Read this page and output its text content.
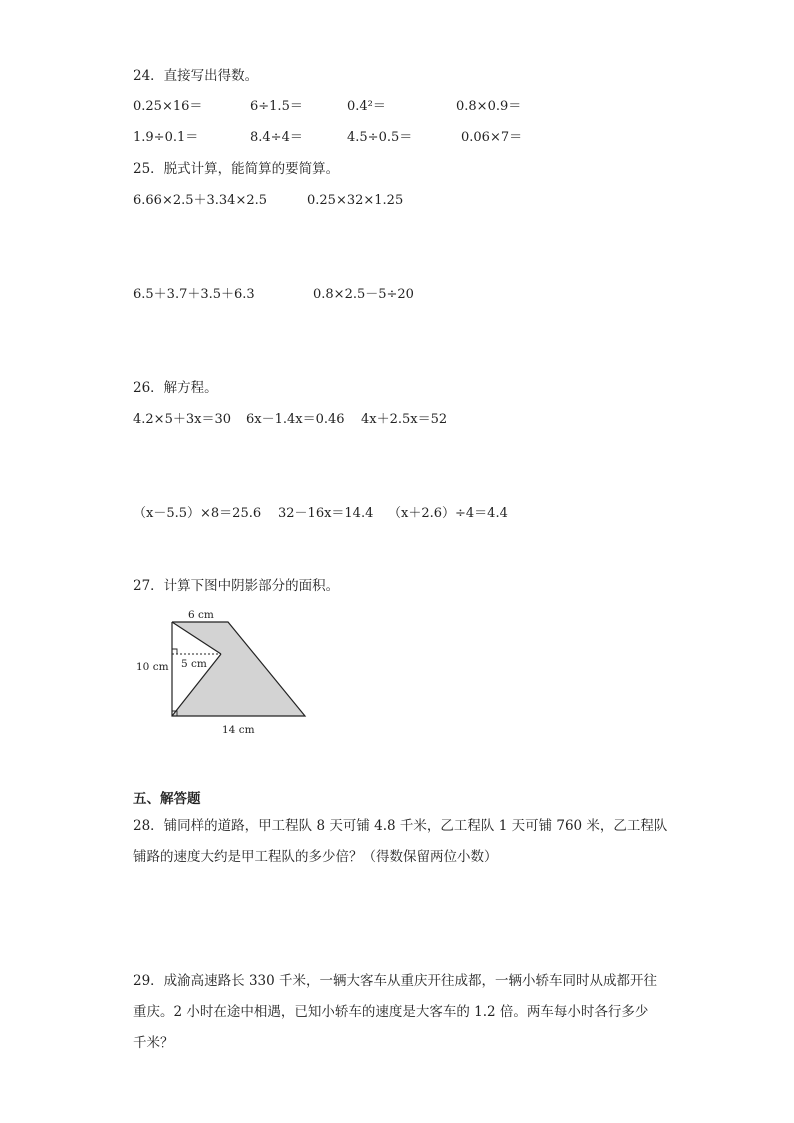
24．直接写出得数。
0.25×16＝	6÷1.5＝	0.4²＝	0.8×0.9＝
1.9÷0.1＝	8.4÷4＝	4.5÷0.5＝	0.06×7＝
25．脱式计算，能简算的要简算。
6.66×2.5＋3.34×2.5	0.25×32×1.25
6.5＋3.7＋3.5＋6.3	0.8×2.5－5÷20
26．解方程。
4.2×5＋3x＝30 6x－1.4x＝0.46 4x＋2.5x＝52
（x－5.5）×8＝25.6 32－16x＝14.4 （x＋2.6）÷4＝4.4
27．计算下图中阴影部分的面积。
6 cm
10 cm 5 cm
14 cm
五、解答题
28．铺同样的道路，甲工程队 8 天可铺 4.8 千米，乙工程队 1 天可铺 760 米，乙工程队
铺路的速度大约是甲工程队的多少倍？（得数保留两位小数）
29．成渝高速路长 330 千米，一辆大客车从重庆开往成都，一辆小轿车同时从成都开往
重庆。2 小时在途中相遇，已知小轿车的速度是大客车的 1.2 倍。两车每小时各行多少
千米？
